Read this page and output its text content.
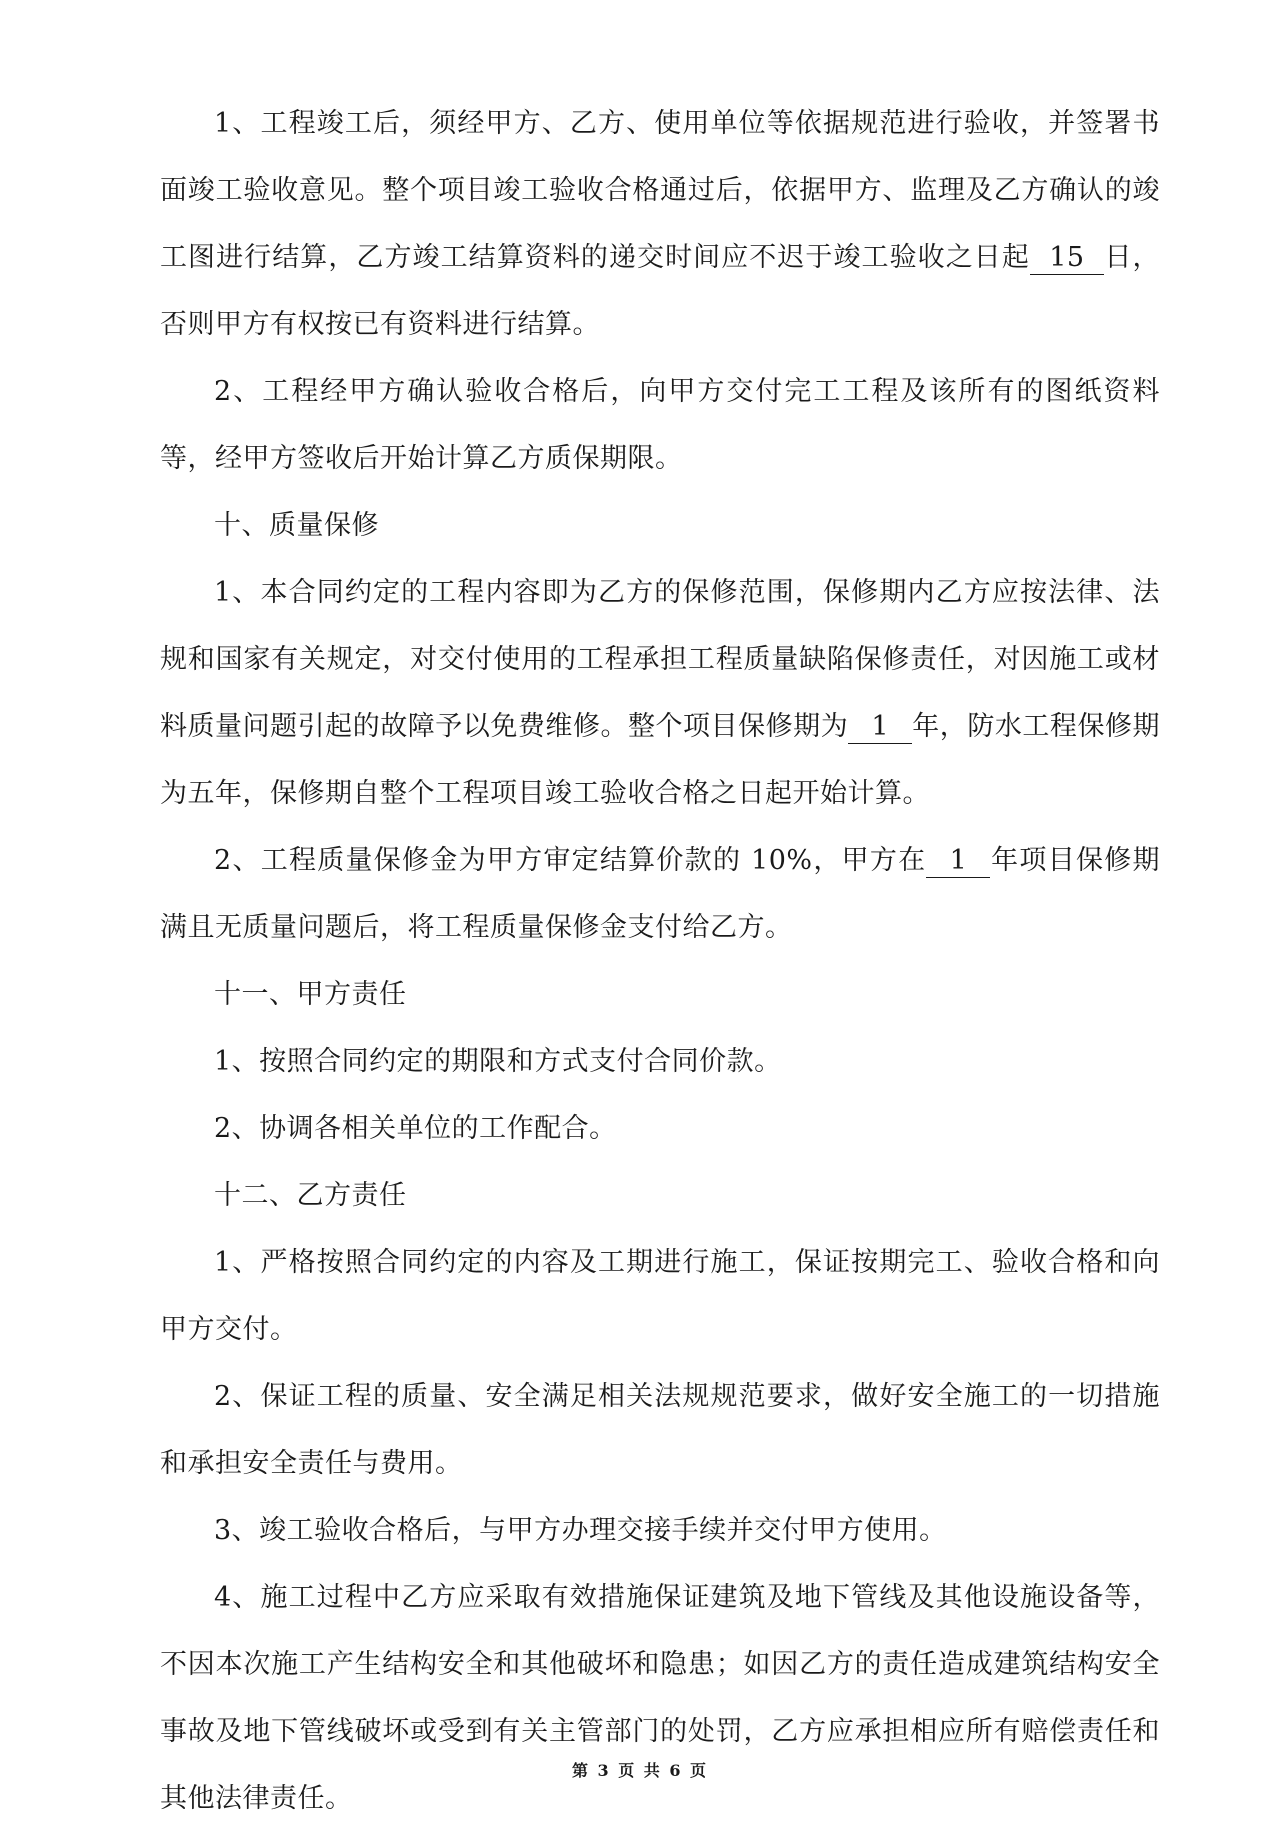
1、工程竣工后，须经甲方、乙方、使用单位等依据规范进行验收，并签署书面竣工验收意见。整个项目竣工验收合格通过后，依据甲方、监理及乙方确认的竣工图进行结算，乙方竣工结算资料的递交时间应不迟于竣工验收之日起 15 日，否则甲方有权按已有资料进行结算。

2、工程经甲方确认验收合格后，向甲方交付完工工程及该所有的图纸资料等，经甲方签收后开始计算乙方质保期限。

十、质量保修

1、本合同约定的工程内容即为乙方的保修范围，保修期内乙方应按法律、法规和国家有关规定，对交付使用的工程承担工程质量缺陷保修责任，对因施工或材料质量问题引起的故障予以免费维修。整个项目保修期为 1 年，防水工程保修期为五年，保修期自整个工程项目竣工验收合格之日起开始计算。

2、工程质量保修金为甲方审定结算价款的 10%，甲方在 1 年项目保修期满且无质量问题后，将工程质量保修金支付给乙方。

十一、甲方责任

1、按照合同约定的期限和方式支付合同价款。

2、协调各相关单位的工作配合。

十二、乙方责任

1、严格按照合同约定的内容及工期进行施工，保证按期完工、验收合格和向甲方交付。

2、保证工程的质量、安全满足相关法规规范要求，做好安全施工的一切措施和承担安全责任与费用。

3、竣工验收合格后，与甲方办理交接手续并交付甲方使用。

4、施工过程中乙方应采取有效措施保证建筑及地下管线及其他设施设备等，不因本次施工产生结构安全和其他破坏和隐患；如因乙方的责任造成建筑结构安全事故及地下管线破坏或受到有关主管部门的处罚，乙方应承担相应所有赔偿责任和其他法律责任。

第 3 页 共 6 页
